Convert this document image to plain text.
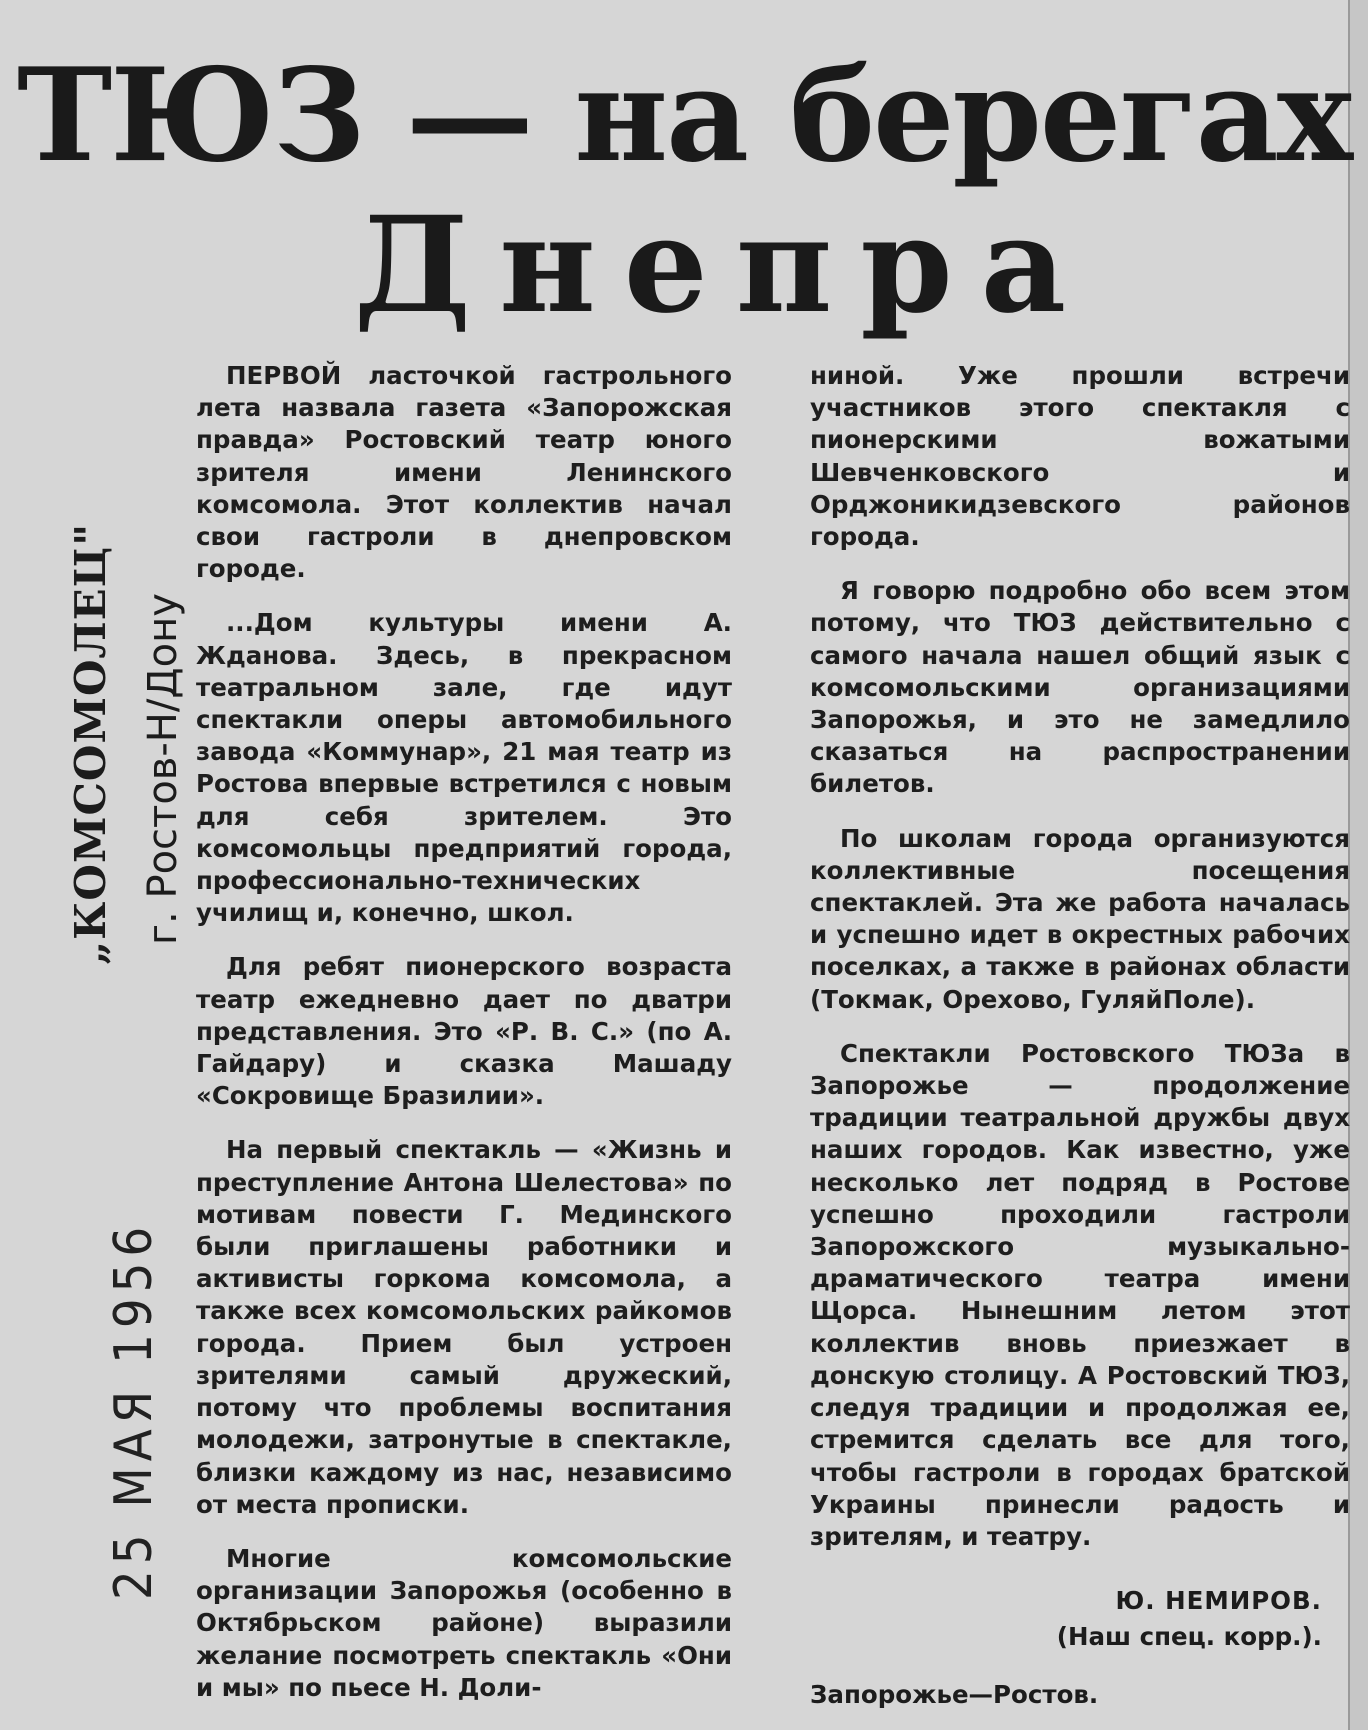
ТЮЗ — на берегах
Днепра
„КОМСОМОЛЕЦ" г. Ростов-Н/Дону
25 МАЯ 1956

ПЕРВОЙ ласточкой гастрольного лета назвала газета «Запорожская правда» Ростовский театр юного зрителя имени Ленинского комсомола. Этот коллектив начал свои гастроли в днепровском городе.

...Дом культуры имени А. Жданова. Здесь, в прекрасном театральном зале, где идут спектакли оперы автомобильного завода «Коммунар», 21 мая театр из Ростова впервые встретился с новым для себя зрителем. Это комсомольцы предприятий города, профессионально-технических училищ и, конечно, школ.

Для ребят пионерского возраста театр ежедневно дает по дватри представления. Это «Р. В. С.» (по А. Гайдару) и сказка Машаду «Сокровище Бразилии».

На первый спектакль — «Жизнь и преступление Антона Шелестова» по мотивам повести Г. Мединского были приглашены работники и активисты горкома комсомола, а также всех комсомольских райкомов города. Прием был устроен зрителями самый дружеский, потому что проблемы воспитания молодежи, затронутые в спектакле, близки каждому из нас, независимо от места прописки.

Многие комсомольские организации Запорожья (особенно в Октябрьском районе) выразили желание посмотреть спектакль «Они и мы» по пьесе Н. Доли-

ниной. Уже прошли встречи участников этого спектакля с пионерскими вожатыми Шевченковского и Орджоникидзевского районов города.

Я говорю подробно обо всем этом потому, что ТЮЗ действительно с самого начала нашел общий язык с комсомольскими организациями Запорожья, и это не замедлило сказаться на распространении билетов.

По школам города организуются коллективные посещения спектаклей. Эта же работа началась и успешно идет в окрестных рабочих поселках, а также в районах области (Токмак, Орехово, ГуляйПоле).

Спектакли Ростовского ТЮЗа в Запорожье — продолжение традиции театральной дружбы двух наших городов. Как известно, уже несколько лет подряд в Ростове успешно проходили гастроли Запорожского музыкально-драматического театра имени Щорса. Нынешним летом этот коллектив вновь приезжает в донскую столицу. А Ростовский ТЮЗ, следуя традиции и продолжая ее, стремится сделать все для того, чтобы гастроли в городах братской Украины принесли радость и зрителям, и театру.

Ю. НЕМИРОВ.
(Наш спец. корр.).
Запорожье—Ростов.
